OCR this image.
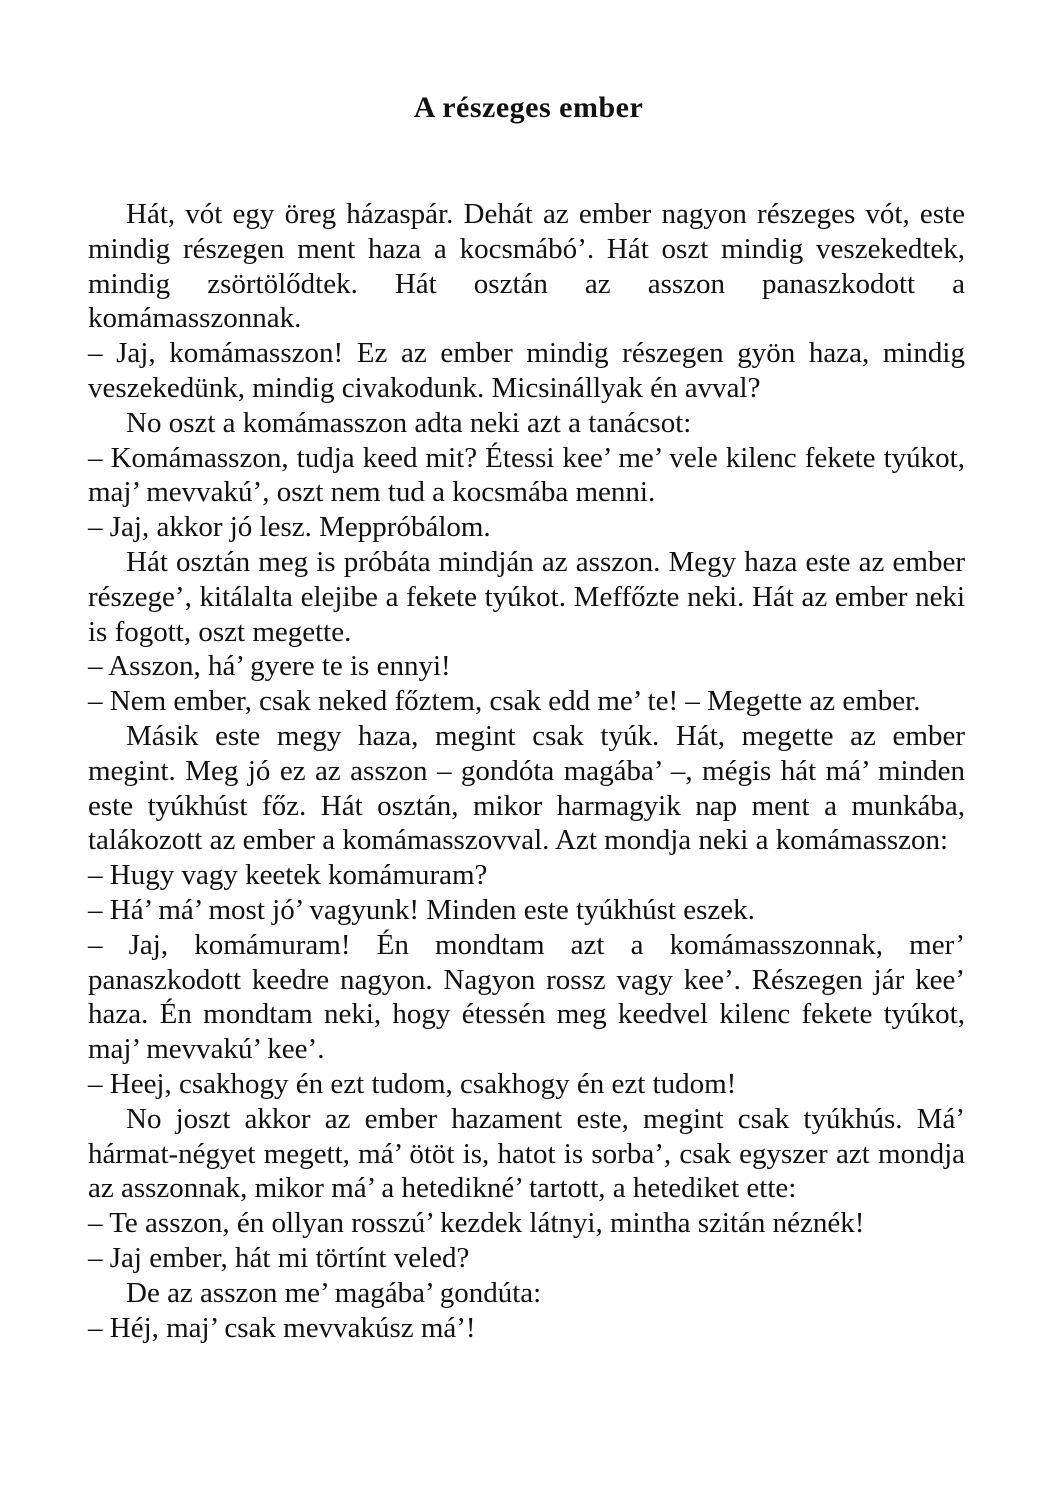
A részeges ember

Hát, vót egy öreg házaspár. Dehát az ember nagyon részeges vót, este mindig részegen ment haza a kocsmábó’. Hát oszt mindig veszekedtek, mindig zsörtölődtek. Hát osztán az asszon panaszkodott a komámasszonnak.

– Jaj, komámasszon! Ez az ember mindig részegen gyön haza, mindig veszekedünk, mindig civakodunk. Micsinállyak én avval?

No oszt a komámasszon adta neki azt a tanácsot:

– Komámasszon, tudja keed mit? Étessi kee’ me’ vele kilenc fekete tyúkot, maj’ mevvakú’, oszt nem tud a kocsmába menni.

– Jaj, akkor jó lesz. Meppróbálom.

Hát osztán meg is próbáta mindján az asszon. Megy haza este az ember részege’, kitálalta elejibe a fekete tyúkot. Meffőzte neki. Hát az ember neki is fogott, oszt megette.

– Asszon, há’ gyere te is ennyi!

– Nem ember, csak neked főztem, csak edd me’ te! – Megette az ember.

Másik este megy haza, megint csak tyúk. Hát, megette az ember megint. Meg jó ez az asszon – gondóta magába’ –, mégis hát má’ minden este tyúkhúst főz. Hát osztán, mikor harmagyik nap ment a munkába, talákozott az ember a komámasszovval. Azt mondja neki a komámasszon:

– Hugy vagy keetek komámuram?

– Há’ má’ most jó’ vagyunk! Minden este tyúkhúst eszek.

– Jaj, komámuram! Én mondtam azt a komámasszonnak, mer’ panaszkodott keedre nagyon. Nagyon rossz vagy kee’. Részegen jár kee’ haza. Én mondtam neki, hogy étessén meg keedvel kilenc fekete tyúkot, maj’ mevvakú’ kee’.

– Heej, csakhogy én ezt tudom, csakhogy én ezt tudom!

No joszt akkor az ember hazament este, megint csak tyúkhús. Má’ hármat-négyet megett, má’ ötöt is, hatot is sorba’, csak egyszer azt mondja az asszonnak, mikor má’ a hetedikné’ tartott, a hetediket ette:

– Te asszon, én ollyan rosszú’ kezdek látnyi, mintha szitán néznék!

– Jaj ember, hát mi törtínt veled?

De az asszon me’ magába’ gondúta:

– Héj, maj’ csak mevvakúsz má’!
